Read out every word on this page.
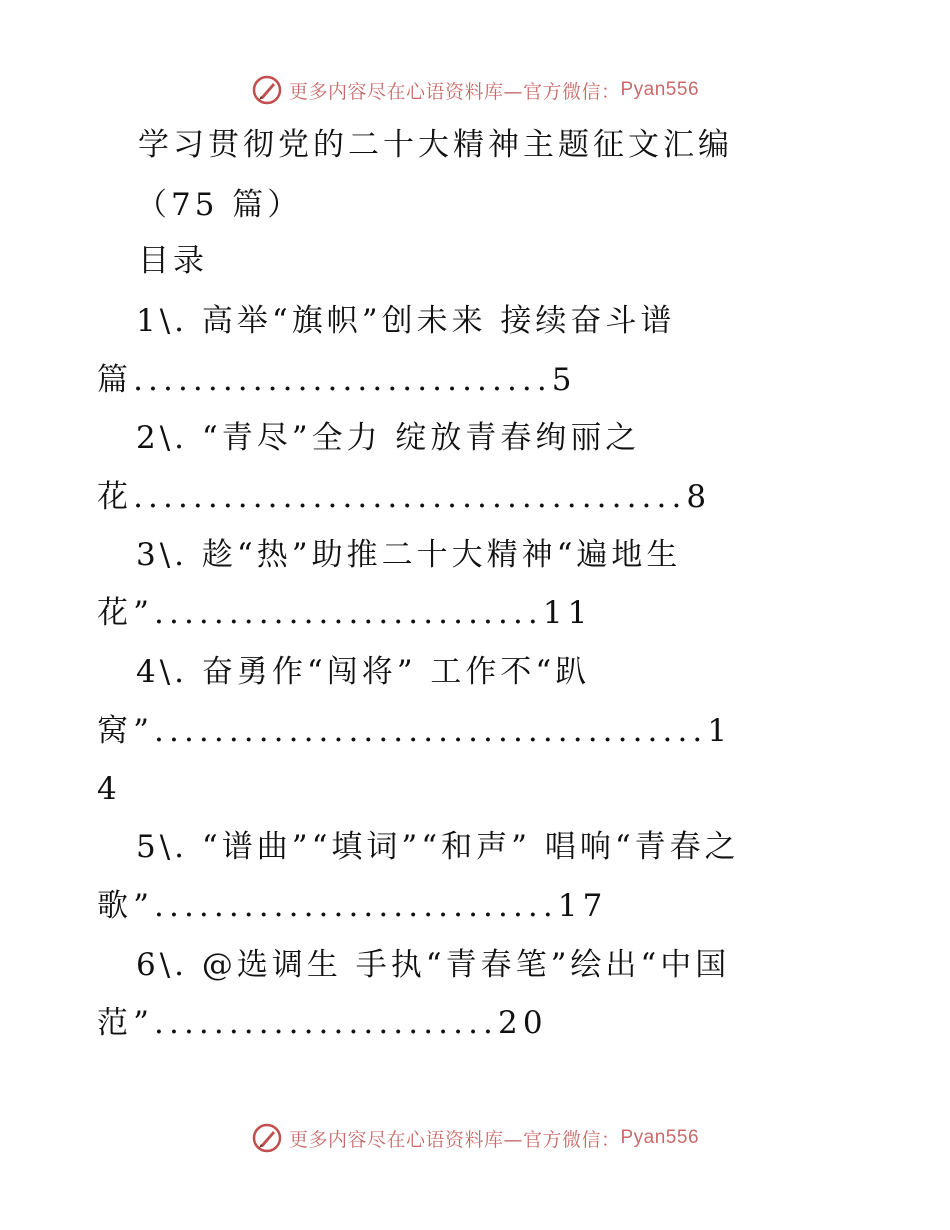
更多内容尽在心语资料库—官方微信： Pyan556
学习贯彻党的二十大精神主题征文汇编
（75 篇）
目录
1\. 高举“旗帜”创未来 接续奋斗谱
篇............................5
2\. “青尽”全力 绽放青春绚丽之
花.....................................8
3\. 趁“热”助推二十大精神“遍地生
花”..........................11
4\. 奋勇作“闯将” 工作不“趴
窝”.....................................1
4
5\. “谱曲”“填词”“和声” 唱响“青春之
歌”...........................17
6\. @选调生 手执“青春笔”绘出“中国
范”.......................20
更多内容尽在心语资料库—官方微信： Pyan556
